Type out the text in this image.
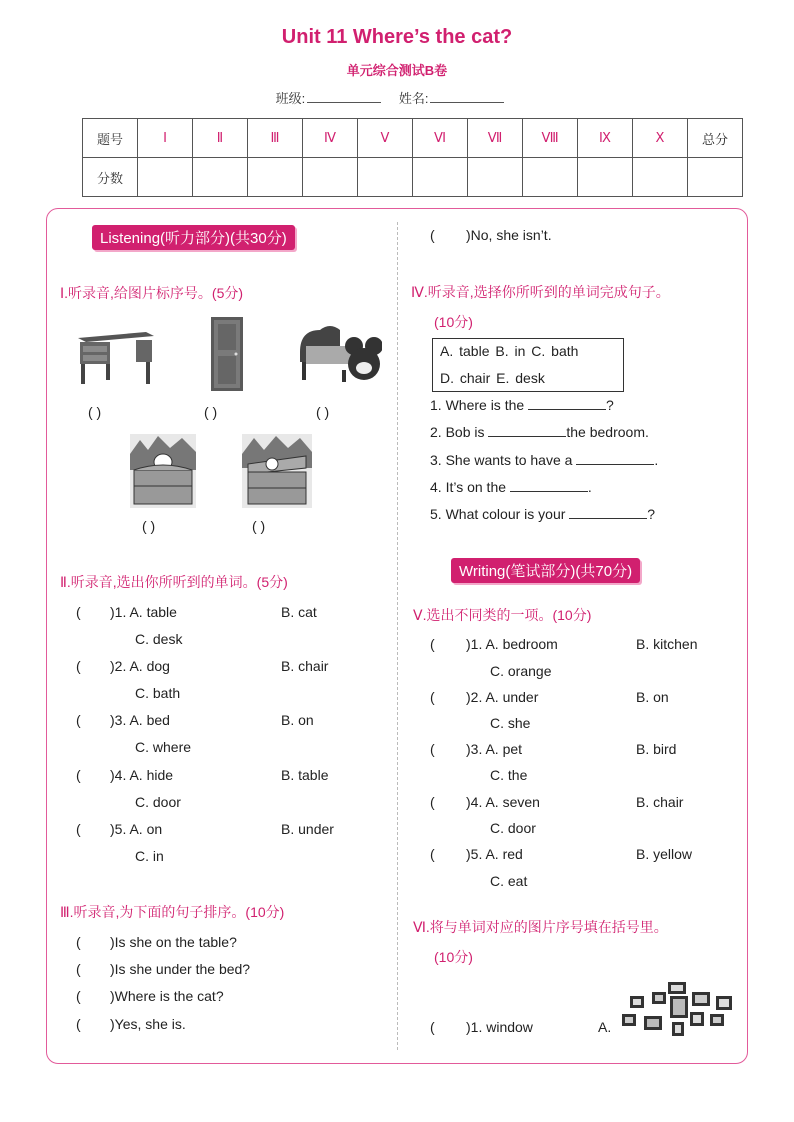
Unit 11 Where’s the cat?
单元综合测试B卷
班级:	姓名:
题号	Ⅰ	Ⅱ	Ⅲ	Ⅳ	Ⅴ	Ⅵ	Ⅶ	Ⅷ	Ⅸ	Ⅹ	总分
分数											
Listening(听力部分)(共30分)
Ⅰ.听录音,给图片标序号。(5分)
( )	( )	( )
( )	( )
Ⅱ.听录音,选出你所听到的单词。(5分)
( )1. A. table	B. cat
C. desk
( )2. A. dog	B. chair
C. bath
( )3. A. bed	B. on
C. where
( )4. A. hide	B. table
C. door
( )5. A. on	B. under
C. in
Ⅲ.听录音,为下面的句子排序。(10分)
( )Is she on the table?
( )Is she under the bed?
( )Where is the cat?
( )Yes, she is.
( )No, she isn’t.
Ⅳ.听录音,选择你所听到的单词完成句子。
(10分)
A. table B. in C. bath
D. chair E. desk
1. Where is the	?
2. Bob is	the bedroom.
3. She wants to have a	.
4. It’s on the	.
5. What colour is your	?
Writing(笔试部分)(共70分)
Ⅴ.选出不同类的一项。(10分)
( )1. A. bedroom	B. kitchen
C. orange
( )2. A. under	B. on
C. she
( )3. A. pet	B. bird
C. the
( )4. A. seven	B. chair
C. door
( )5. A. red	B. yellow
C. eat
Ⅵ.将与单词对应的图片序号填在括号里。
(10分)
( )1. window	A.
